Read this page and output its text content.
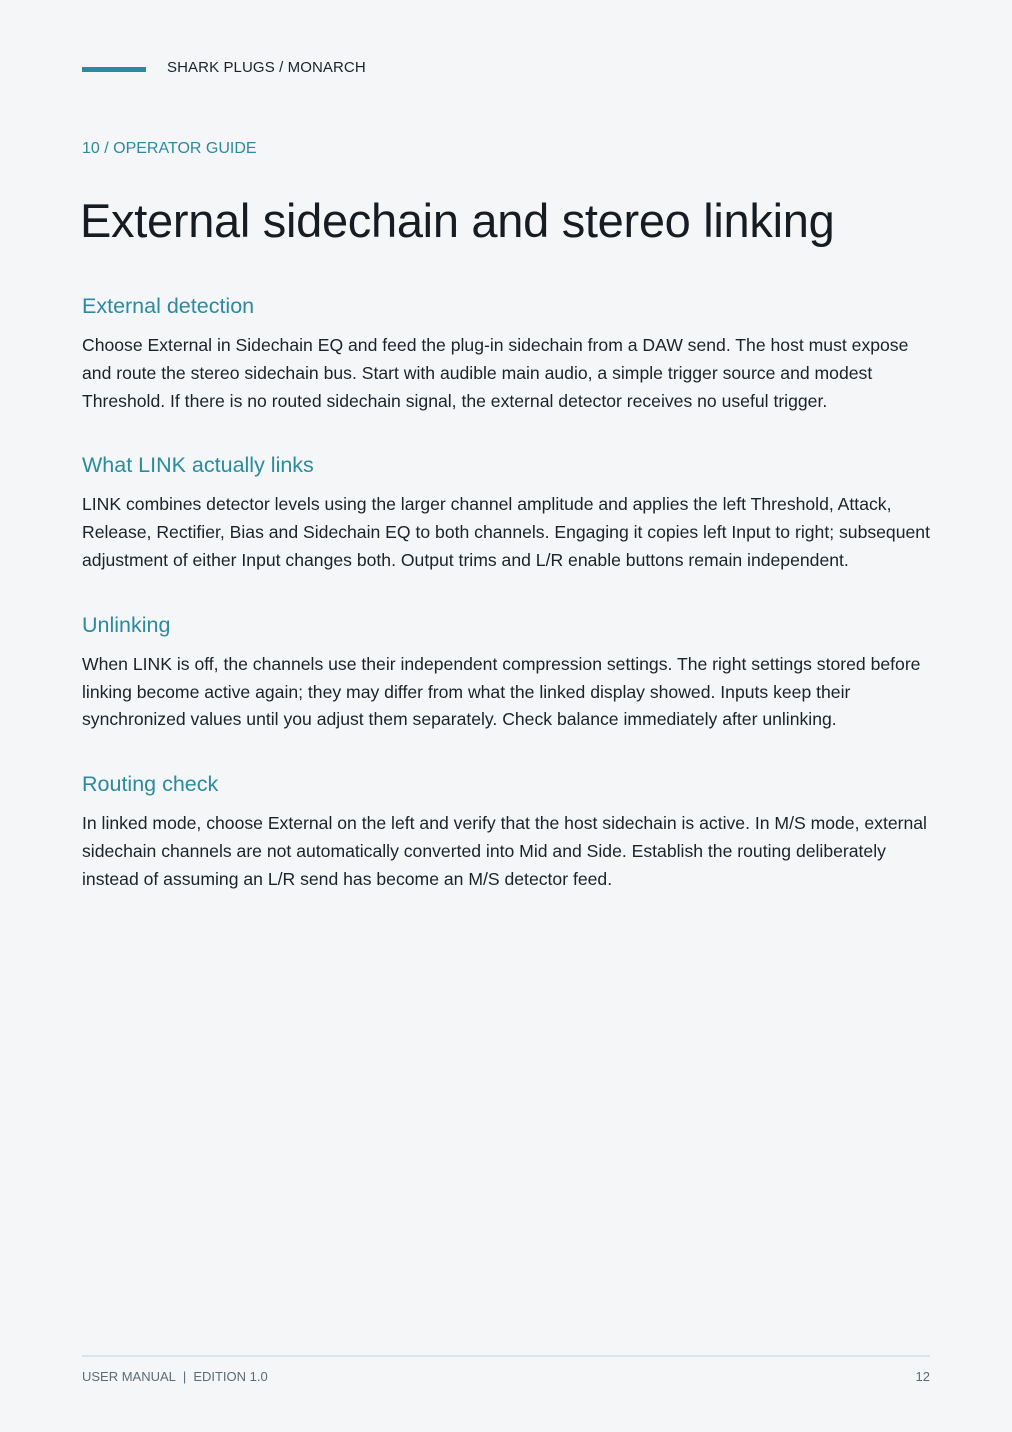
SHARK PLUGS / MONARCH
10 / OPERATOR GUIDE
External sidechain and stereo linking
External detection

Choose External in Sidechain EQ and feed the plug-in sidechain from a DAW send. The host must expose and route the stereo sidechain bus. Start with audible main audio, a simple trigger source and modest Threshold. If there is no routed sidechain signal, the external detector receives no useful trigger.

What LINK actually links

LINK combines detector levels using the larger channel amplitude and applies the left Threshold, Attack, Release, Rectifier, Bias and Sidechain EQ to both channels. Engaging it copies left Input to right; subsequent adjustment of either Input changes both. Output trims and L/R enable buttons remain independent.

Unlinking

When LINK is off, the channels use their independent compression settings. The right settings stored before linking become active again; they may differ from what the linked display showed. Inputs keep their synchronized values until you adjust them separately. Check balance immediately after unlinking.

Routing check

In linked mode, choose External on the left and verify that the host sidechain is active. In M/S mode, external sidechain channels are not automatically converted into Mid and Side. Establish the routing deliberately instead of assuming an L/R send has become an M/S detector feed.

USER MANUAL | EDITION 1.0	12
